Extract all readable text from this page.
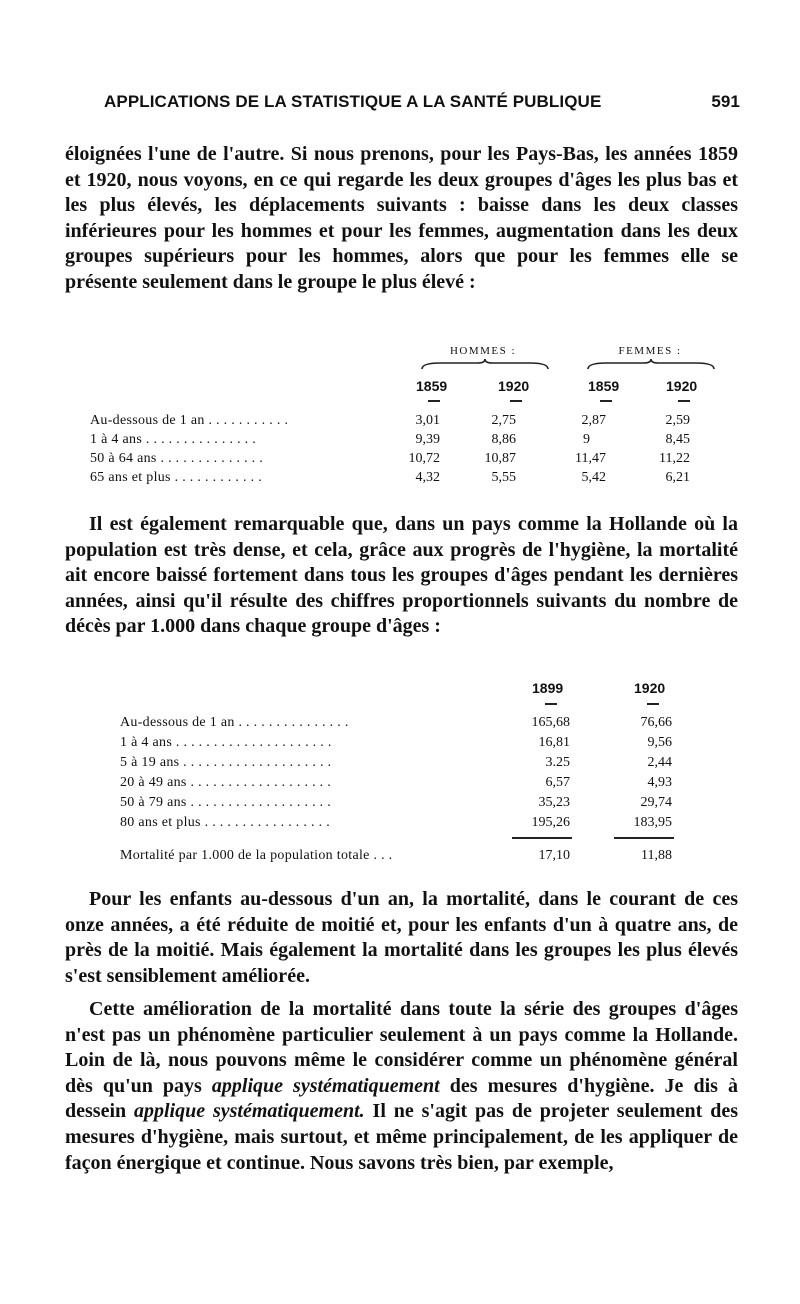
APPLICATIONS DE LA STATISTIQUE A LA SANTÉ PUBLIQUE	591

éloignées l'une de l'autre. Si nous prenons, pour les Pays-Bas, les années 1859 et 1920, nous voyons, en ce qui regarde les deux groupes d'âges les plus bas et les plus élevés, les déplacements suivants : baisse dans les deux classes inférieures pour les hommes et pour les femmes, augmentation dans les deux groupes supérieurs pour les hommes, alors que pour les femmes elle se présente seulement dans le groupe le plus élevé :

HOMMES :	FEMMES :
1859	1920	1859	1920
Au-dessous de 1 an . . . . . . . . . . .	3,01	2,75	2,87	2,59
1 à 4 ans . . . . . . . . . . . . . . .	9,39	8,86	9	8,45
50 à 64 ans . . . . . . . . . . . . . .	10,72	10,87	11,47	11,22
65 ans et plus . . . . . . . . . . . .	4,32	5,55	5,42	6,21

Il est également remarquable que, dans un pays comme la Hollande où la population est très dense, et cela, grâce aux progrès de l'hygiène, la mortalité ait encore baissé fortement dans tous les groupes d'âges pendant les dernières années, ainsi qu'il résulte des chiffres proportionnels suivants du nombre de décès par 1.000 dans chaque groupe d'âges :

1899	1920
Au-dessous de 1 an . . . . . . . . . . . . . . .	165,68	76,66
1 à 4 ans . . . . . . . . . . . . . . . . . . . . .	16,81	9,56
5 à 19 ans . . . . . . . . . . . . . . . . . . . .	3.25	2,44
20 à 49 ans . . . . . . . . . . . . . . . . . . .	6,57	4,93
50 à 79 ans . . . . . . . . . . . . . . . . . . .	35,23	29,74
80 ans et plus . . . . . . . . . . . . . . . . .	195,26	183,95
Mortalité par 1.000 de la population totale . . .	17,10	11,88

Pour les enfants au-dessous d'un an, la mortalité, dans le courant de ces onze années, a été réduite de moitié et, pour les enfants d'un à quatre ans, de près de la moitié. Mais également la mortalité dans les groupes les plus élevés s'est sensiblement améliorée.

Cette amélioration de la mortalité dans toute la série des groupes d'âges n'est pas un phénomène particulier seulement à un pays comme la Hollande. Loin de là, nous pouvons même le considérer comme un phénomène général dès qu'un pays applique systématiquement des mesures d'hygiène. Je dis à dessein applique systématiquement. Il ne s'agit pas de projeter seulement des mesures d'hygiène, mais surtout, et même principalement, de les appliquer de façon énergique et continue. Nous savons très bien, par exemple,
